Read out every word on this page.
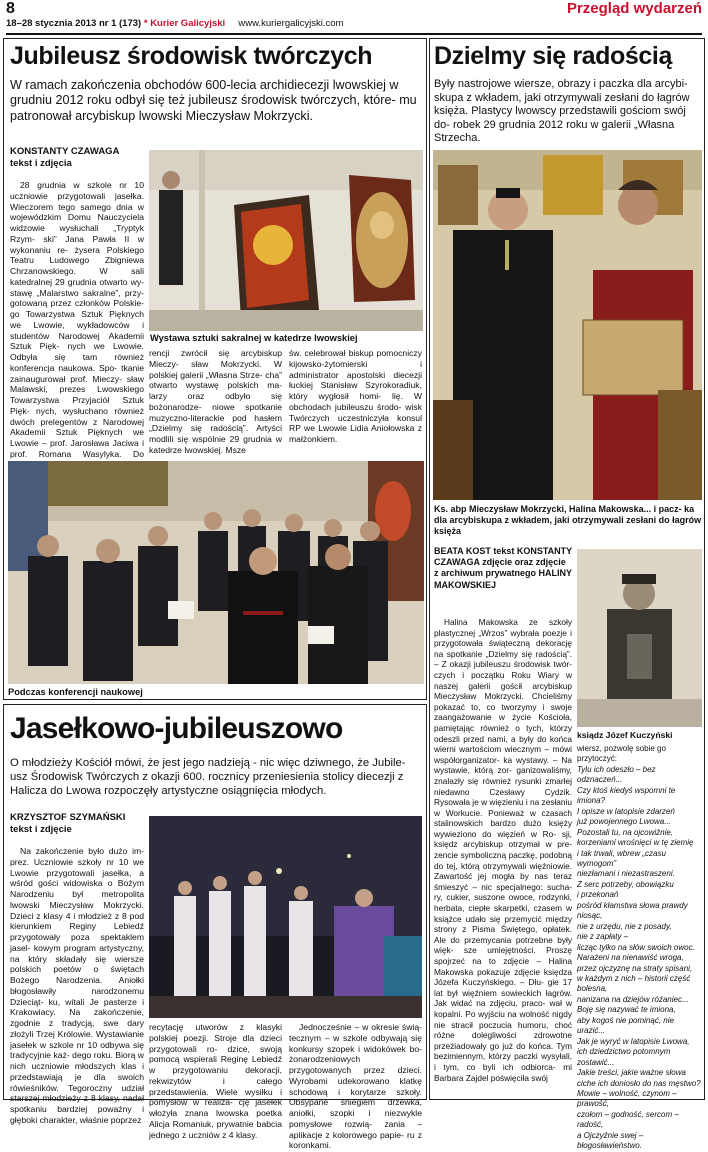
8
18–28 stycznia 2013 nr 1 (173) * Kurier Galicyjski www.kuriergalicyjski.com
Przegląd wydarzeń
Jubileusz środowisk twórczych
W ramach zakończenia obchodów 600-lecia archidiecezji lwowskiej w grudniu 2012 roku odbył się też jubileusz środowisk twórczych, które- mu patronował arcybiskup lwowski Mieczysław Mokrzycki.
KONSTANTY CZAWAGA tekst i zdjęcia
28 grudnia w szkole nr 10 uczniowie przygotowali jasełka. Wieczorem tego samego dnia w wojewódzkim Domu Nauczyciela widzowie wysłuchali „Tryptyk Rzym- ski” Jana Pawła II w wykonaniu re- żysera Polskiego Teatru Ludowego Zbigniewa Chrzanowskiego. W sali katedralnej 29 grudnia otwarto wy- stawę „Malarstwo sakralne”, przy- gotowaną przez członków Polskie- go Towarzystwa Sztuk Pięknych we Lwowie, wykładowców i studentów Narodowej Akademii Sztuk Pięk- nych we Lwowie. Odbyła się tam również konferencja naukowa. Spo- tkanie zainaugurował prof. Mieczy- sław Malawski, prezes Lwowskiego Towarzystwa Przyjaciół Sztuk Pięk- nych, wysłuchano również dwóch prelegentów z Narodowej Akademii Sztuk Pięknych we Lwowie – prof. Jarosława Jaciwa i prof. Romana Wasylyka. Do
Wystawa sztuki sakralnej w katedrze lwowskiej
rencji zwrócił się arcybiskup Mieczy- sław Mokrzycki. W polskiej galerii „Własna Strze- cha” otwarto wystawę polskich ma- larzy oraz odbyło się bożonarodze- niowe spotkanie muzyczno-literackie pod hasłem „Dzielmy się radością”. Artyści modlili się wspólnie 29 grudnia w katedrze lwowskiej. Msze
św. celebrował biskup pomocniczy kijowsko-żytomierski i administrator apostolski diecezji łuckiej Stanisław Szyrokoradiuk, który wygłosił homi- lię. W obchodach jubileuszu środo- wisk Twórczych uczestniczyła konsul RP we Lwowie Lidia Aniołowska z małżonkiem.
Podczas konferencji naukowej
Dzielmy się radością
Były nastrojowe wiersze, obrazy i paczka dla arcybi- skupa z wkładem, jaki otrzymywali zesłani do łagrów księża. Plastycy lwowscy przedstawili gościom swój do- robek 29 grudnia 2012 roku w galerii „Własna Strzecha.
Ks. abp Mieczysław Mokrzycki, Halina Makowska... i pacz- ka dla arcybiskupa z wkładem, jaki otrzymywali zesłani do łagrów księża
BEATA KOST tekst KONSTANTY CZAWAGA zdjęcie oraz zdjęcie z archiwum prywatnego HALINY MAKOWSKIEJ
ksiądz Józef Kuczyński
Halina Makowska ze szkoły plastycznej „Wrzos” wybrała poezje i przygotowała świąteczną dekorację na spotkanie „Dzielmy się radością”. – Z okazji jubileuszu środowisk twór- czych i początku Roku Wiary w naszej galerii gościł arcybiskup Mieczysław Mokrzycki. Chcieliśmy pokazać to, co tworzymy i swoje zaangażowanie w życie Kościoła, pamiętając również o tych, którzy odeszli przed nami, a były do końca wierni wartościom wiecznym – mówi współorganizator- ka wystawy. – Na wystawie, którą zor- ganizowaliśmy, znalazły się również rysunki zmarłej niedawno Czesławy Cydzik. Rysowała je w więzieniu i na zesłaniu w Workucie. Ponieważ w czasach stalinowskich bardzo dużo księży wywieziono do więzień w Ro- sji, księdz arcybiskup otrzymał w pre- zencie symboliczną paczkę, podobną do tej, którą otrzymywali więźniowie. Zawartość jej mogła by nas teraz śmieszyć – nic specjalnego: sucha- ry, cukier, suszone owoce, rodzynki, herbata, ciepłe skarpetki, czasem w książce udało się przemycić między strony z Pisma Świętego, opłatek. Ale do przemycania potrzebne były więk- sze umiejętności. Proszę spojrzeć na to zdjęcie – Halina Makowska pokazuje zdjęcie księdza Józefa Kuczyńskiego. – Dłu- gie 17 lat był więźniem sowieckich łagrów. Jak widać na zdjęciu, praco- wał w kopalni. Po wyjściu na wolność nigdy nie stracił poczucia humoru, choć różne dolegliwości zdrowotne przeżiadowały go już do końca. Tym bezimiennym, którzy paczki wysyłali, i tym, co byli ich odbiorca- mi Barbara Zajdel poświęciła swój
wiersz, pozwolę sobie go przytoczyć:
Tylu ich odeszło – bez odznaczeń...
Czy ktoś kiedyś wspomni te imiona?
I opisze w latopisie zdarzeń
już powojennego Lwowa...
Pozostali tu, na ojcowiźnie,
korzeniami wrośnięci w tę ziemię
i tak trwali, wbrew „czasu wymogom”
niezłamani i niezastraszeni.
Z serc potrzeby, obowiązku
i przekonań
pośród kłamstwa słowa prawdy
niosąc,
nie z urzędu, nie z posady,
nie z zapłaty –
licząc tylko na słów swoich owoc.
Narażeni na nienawiść wroga,
przez ojczyznę na straty spisani,
w każdym z nich – historii część
bolesna,
nanizana na dziejów różaniec...
Boję się nazywać te imiona,
aby kogoś nie pominąć, nie urazić...
Jak je wyryć w latopisie Lwowa,
ich dziedzictwo potomnym zostawić...
Jakie treści, jakie ważne słowa
ciche ich doniosło do nas męstwo?
Mowie – wolność, czynom – prawość,
czołom – godność, sercom – radość,
a Ojczyźnie swej –
błogosławieństwo.
Jasełkowo-jubileuszowo
O młodzieży Kościół mówi, że jest jego nadzieją - nic więc dziwnego, że Jubile- usz Środowisk Twórczych z okazji 600. rocznicy przeniesienia stolicy diecezji z Halicza do Lwowa rozpoczęły artystyczne osiągnięcia młodych.
KRZYSZTOF SZYMAŃSKI tekst i zdjęcie
Na zakończenie było dużo im- prez. Uczniowie szkoły nr 10 we Lwowie przygotowali jasełka, a wśród gości widowiska o Bożym Narodzeniu był metropolita lwowski Mieczysław Mokrzycki. Dzieci z klasy 4 i młodzież z 8 pod kierunkiem Reginy Lebiedź przygotowały poza spektaklem jasel- kowym program artystyczny, na który składały się wiersze polskich poetów o świętach Bożego Narodzenia. Aniołki błogosławiły narodzonemu Dzieciąt- ku, witali Je pasterze i Krakowiacy. Na zakończenie, zgodnie z tradycją, swe dary złożyli Trzej Królowie. Wystawianie jasełek w szkole nr 10 odbywa się tradycyjnie każ- dego roku. Biorą w nich uczniowie młodszych klas i przedstawiają je dla swoich rówieśników. Tegoroczny udział starszej młodzieży z 8 klasy, nadał spotkaniu bardziej poważny i głęboki charakter, właśnie poprzez
recytację utworów z klasyki polskiej poezji. Stroje dla dzieci przygotowali ro- dzice, swoją pomocą wspierali Reginę Lebiedź w przygotowaniu dekoracji, rekwizytów i całego przedstawienia. Wiele wysiłku i pomysłów w realiza- cję jasełek włożyła znana lwowska poetka Alicja Romaniuk, prywatnie babcia jednego z uczniów z 4 klasy.
Jednocześnie – w okresie świą- tecznym – w szkole odbywają się konkursy szopek i widokówek bo- żonarodzeniowych przygotowanych przez dzieci. Wyrobami udekorowano klatkę schodową i korytarze szkoły. Obsypane śniegiem drzewka, aniołki, szopki i niezwykle pomysłowe rozwią- zania – aplikacje z kolorowego papie- ru z koronkami.
